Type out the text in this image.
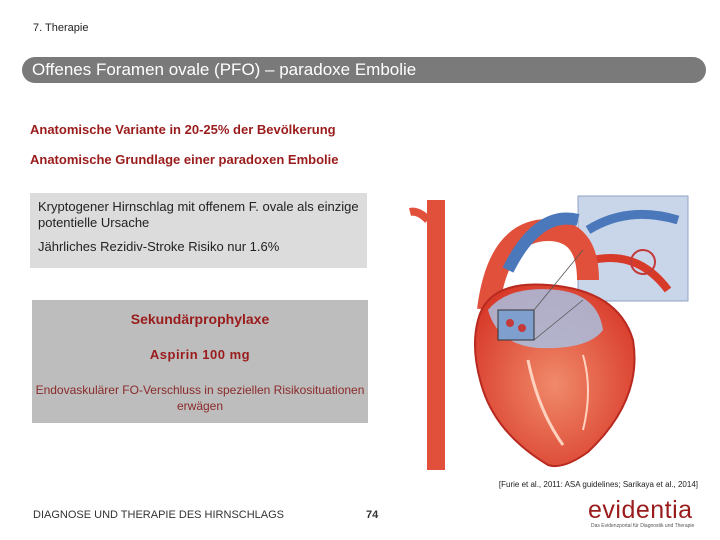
7. Therapie
Offenes Foramen ovale (PFO) – paradoxe Embolie
Anatomische Variante in 20-25% der Bevölkerung
Anatomische Grundlage einer paradoxen Embolie
Kryptogener Hirnschlag mit offenem F. ovale als einzige potentielle Ursache
Jährliches Rezidiv-Stroke Risiko nur 1.6%
Sekundärprophylaxe
Aspirin 100 mg
Endovaskulärer FO-Verschluss in speziellen Risikosituationen erwägen
[Furie et al., 2011: ASA guidelines; Sarikaya et al., 2014]
DIAGNOSE UND THERAPIE DES HIRNSCHLAGS	74	evidentia
Das Evidenzportal für Diagnostik und Therapie
